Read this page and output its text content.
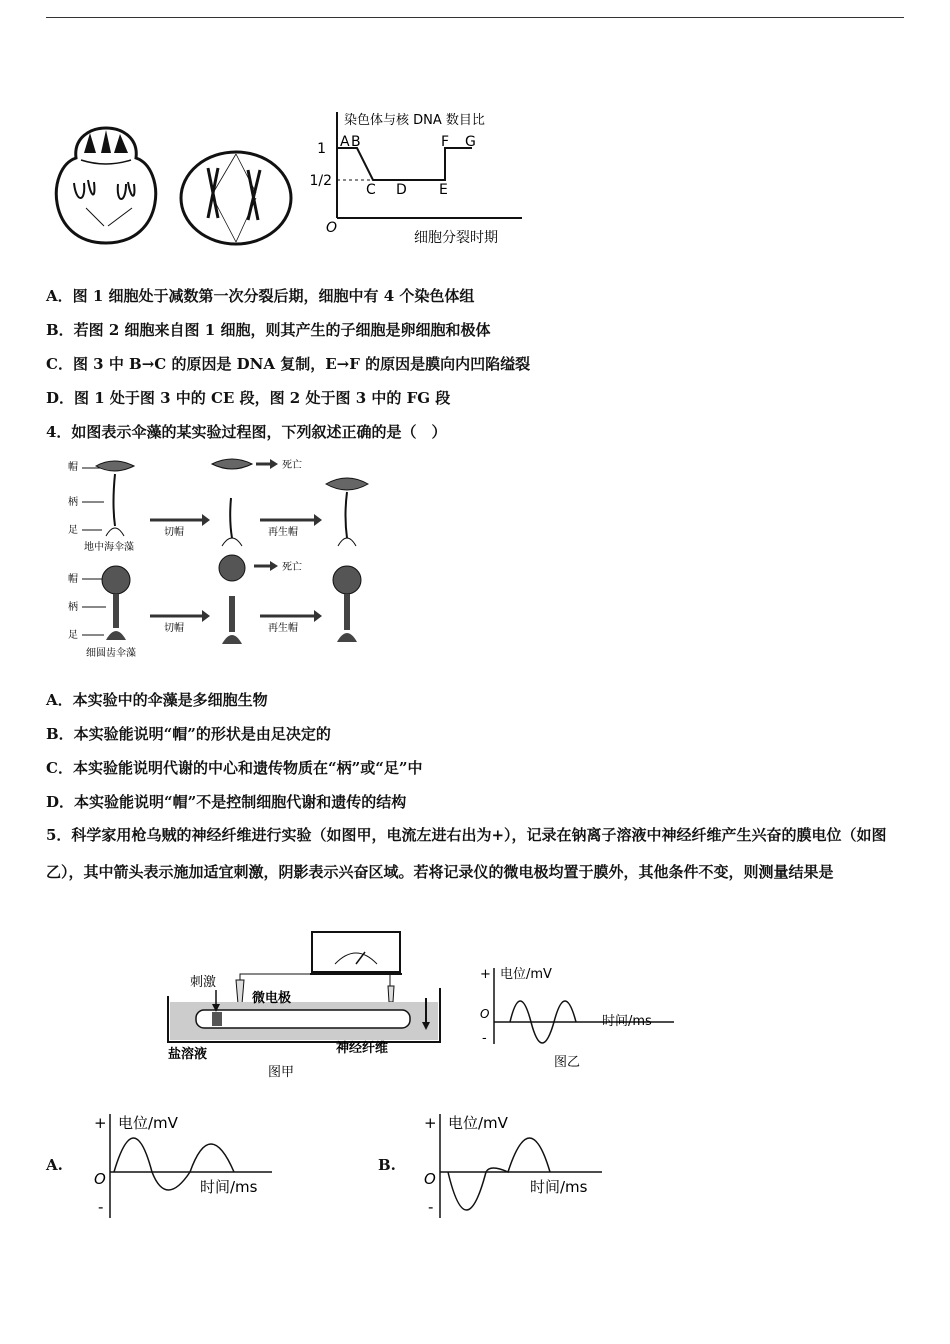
染色体与核 DNA 数目比
1
1/2
O
A B
C D E
F G
细胞分裂时期
A．图 1 细胞处于减数第一次分裂后期，细胞中有 4 个染色体组
B．若图 2 细胞来自图 1 细胞，则其产生的子细胞是卵细胞和极体
C．图 3 中 B→C 的原因是 DNA 复制，E→F 的原因是膜向内凹陷缢裂
D．图 1 处于图 3 中的 CE 段，图 2 处于图 3 中的 FG 段
4．如图表示伞藻的某实验过程图，下列叙述正确的是（　）
帽
柄
足
地中海伞藻
切帽
死亡
再生帽
帽
柄
足
细圆齿伞藻
切帽
死亡
再生帽
A．本实验中的伞藻是多细胞生物
B．本实验能说明“帽”的形状是由足决定的
C．本实验能说明代谢的中心和遗传物质在“柄”或“足”中
D．本实验能说明“帽”不是控制细胞代谢和遗传的结构
5．科学家用枪乌贼的神经纤维进行实验（如图甲，电流左进右出为+），记录在钠离子溶液中神经纤维产生兴奋的膜电位（如图乙），其中箭头表示施加适宜刺激，阴影表示兴奋区域。若将记录仪的微电极均置于膜外，其他条件不变，则测量结果是
刺激
微电极
盐溶液	神经纤维
图甲
+ 电位/mV
O
-
时间/ms
图乙
A.
+ 电位/mV
O
-
时间/ms
B.
+ 电位/mV
O
-
时间/ms
